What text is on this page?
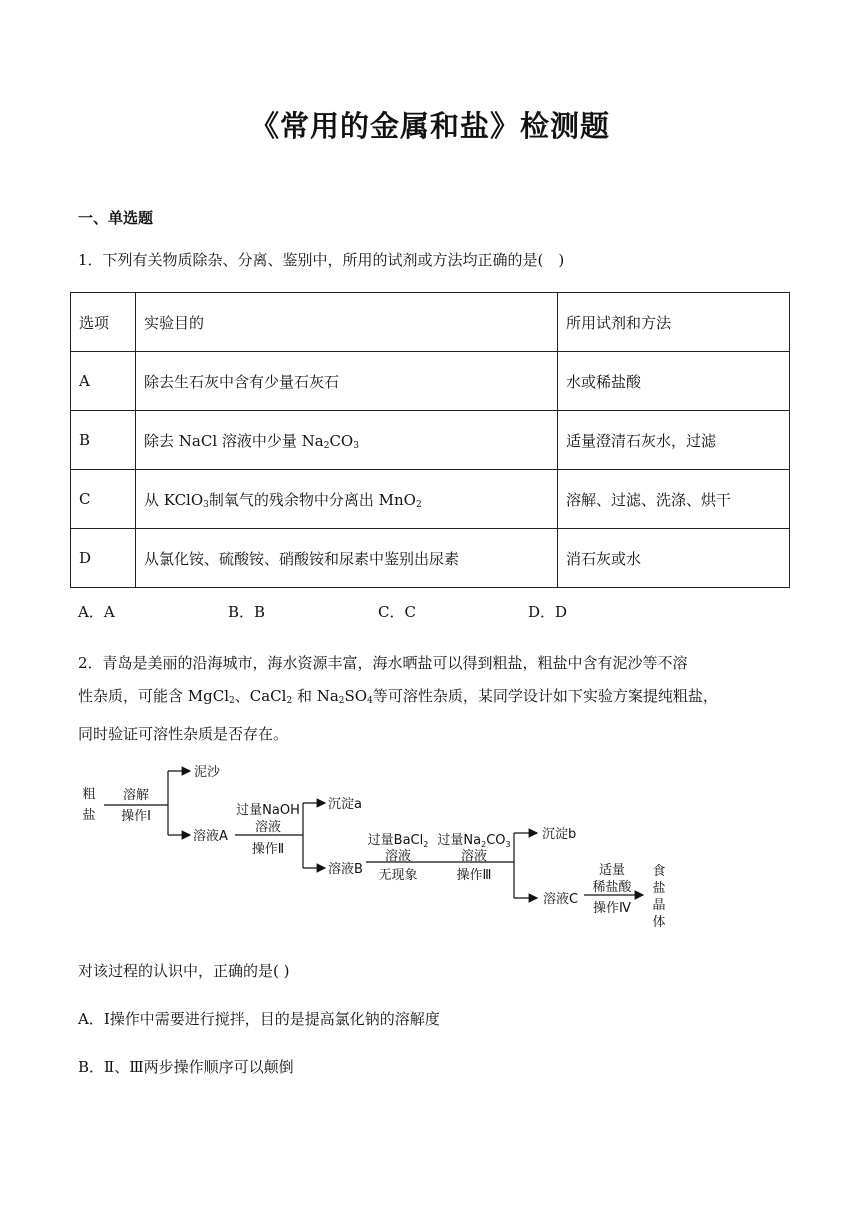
《常用的金属和盐》检测题
一、单选题
1．下列有关物质除杂、分离、鉴别中，所用的试剂或方法均正确的是(　)
选项	实验目的	所用试剂和方法
A	除去生石灰中含有少量石灰石	水或稀盐酸
B	除去 NaCl 溶液中少量 $Na_2CO_3$	适量澄清石灰水，过滤
C	从 KClO$_3$制氧气的残余物中分离出 MnO$_2$	溶解、过滤、洗涤、烘干
D	从氯化铵、硫酸铵、硝酸铵和尿素中鉴别出尿素	消石灰或水
A．A	B．B	C．C	D．D
2．青岛是美丽的沿海城市，海水资源丰富，海水晒盐可以得到粗盐，粗盐中含有泥沙等不溶
性杂质，可能含 MgCl$_2$、CaCl$_2$ 和 $Na_2SO_4$等可溶性杂质，某同学设计如下实验方案提纯粗盐，
同时验证可溶性杂质是否存在。
粗
盐
溶解
操作Ⅰ
泥沙
溶液A
过量NaOH
溶液
操作Ⅱ
沉淀a
溶液B
过量BaCl$_2$
溶液
无现象
过量$Na_2CO_3$
溶液
操作Ⅲ
沉淀b
溶液C
适量
稀盐酸
操作Ⅳ
食
盐
晶
体
对该过程的认识中，正确的是( )
A．Ⅰ操作中需要进行搅拌，目的是提高氯化钠的溶解度
B．Ⅱ、Ⅲ两步操作顺序可以颠倒
